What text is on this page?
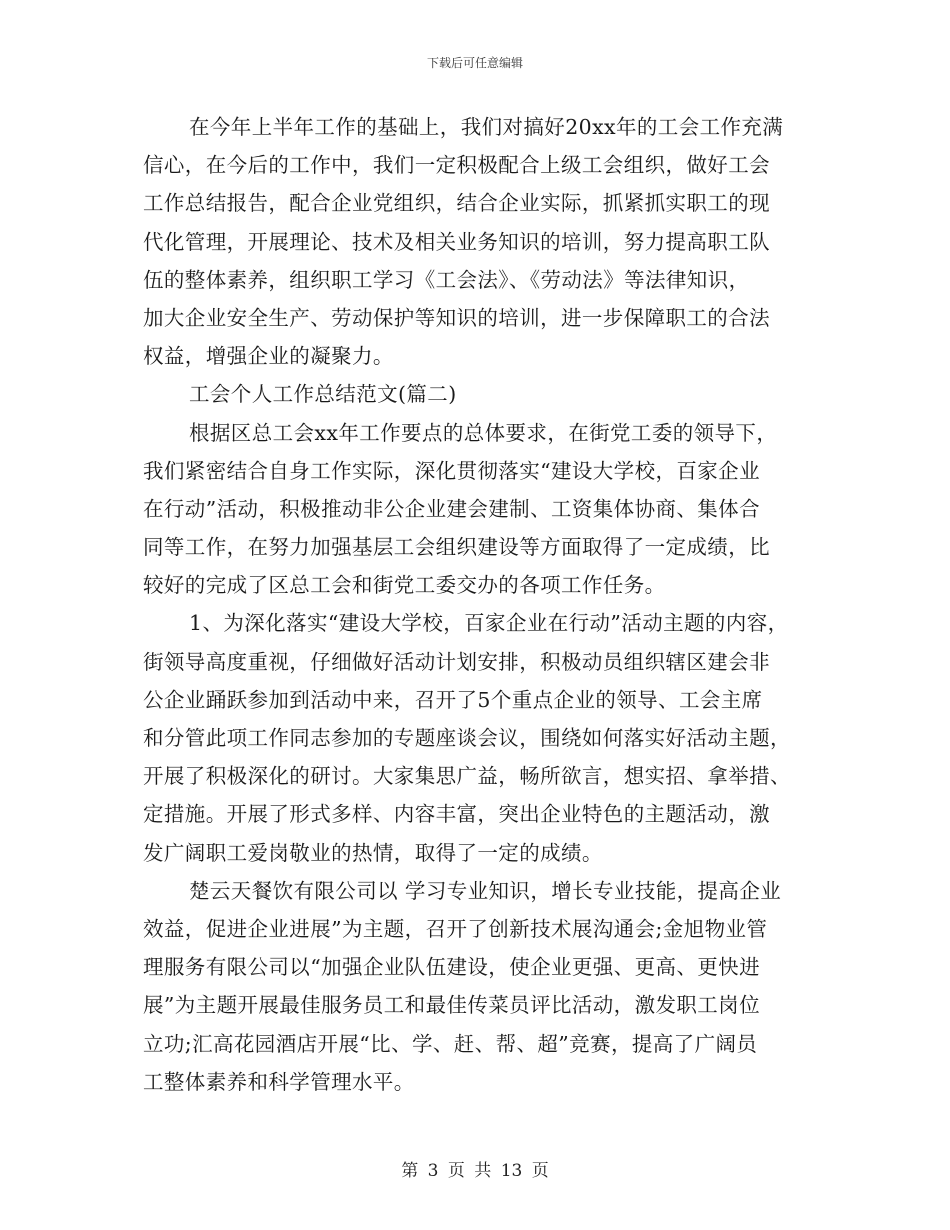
下载后可任意编辑
在今年上半年工作的基础上，我们对搞好20xx年的工会工作充满
信心，在今后的工作中，我们一定积极配合上级工会组织，做好工会
工作总结报告，配合企业党组织，结合企业实际，抓紧抓实职工的现
代化管理，开展理论、技术及相关业务知识的培训，努力提高职工队
伍的整体素养，组织职工学习《工会法》、《劳动法》等法律知识，
加大企业安全生产、劳动保护等知识的培训，进一步保障职工的合法
权益，增强企业的凝聚力。
工会个人工作总结范文(篇二)
根据区总工会xx年工作要点的总体要求，在街党工委的领导下，
我们紧密结合自身工作实际，深化贯彻落实“建设大学校，百家企业
在行动”活动，积极推动非公企业建会建制、工资集体协商、集体合
同等工作，在努力加强基层工会组织建设等方面取得了一定成绩，比
较好的完成了区总工会和街党工委交办的各项工作任务。
1、为深化落实“建设大学校，百家企业在行动”活动主题的内容，
街领导高度重视，仔细做好活动计划安排，积极动员组织辖区建会非
公企业踊跃参加到活动中来，召开了5个重点企业的领导、工会主席
和分管此项工作同志参加的专题座谈会议，围绕如何落实好活动主题，
开展了积极深化的研讨。大家集思广益，畅所欲言，想实招、拿举措、
定措施。开展了形式多样、内容丰富，突出企业特色的主题活动，激
发广阔职工爱岗敬业的热情，取得了一定的成绩。
楚云天餐饮有限公司以 学习专业知识，增长专业技能，提高企业
效益，促进企业进展”为主题，召开了创新技术展沟通会;金旭物业管
理服务有限公司以“加强企业队伍建设，使企业更强、更高、更快进
展”为主题开展最佳服务员工和最佳传菜员评比活动，激发职工岗位
立功;汇高花园酒店开展“比、学、赶、帮、超”竞赛，提高了广阔员
工整体素养和科学管理水平。
第 3 页 共 13 页
